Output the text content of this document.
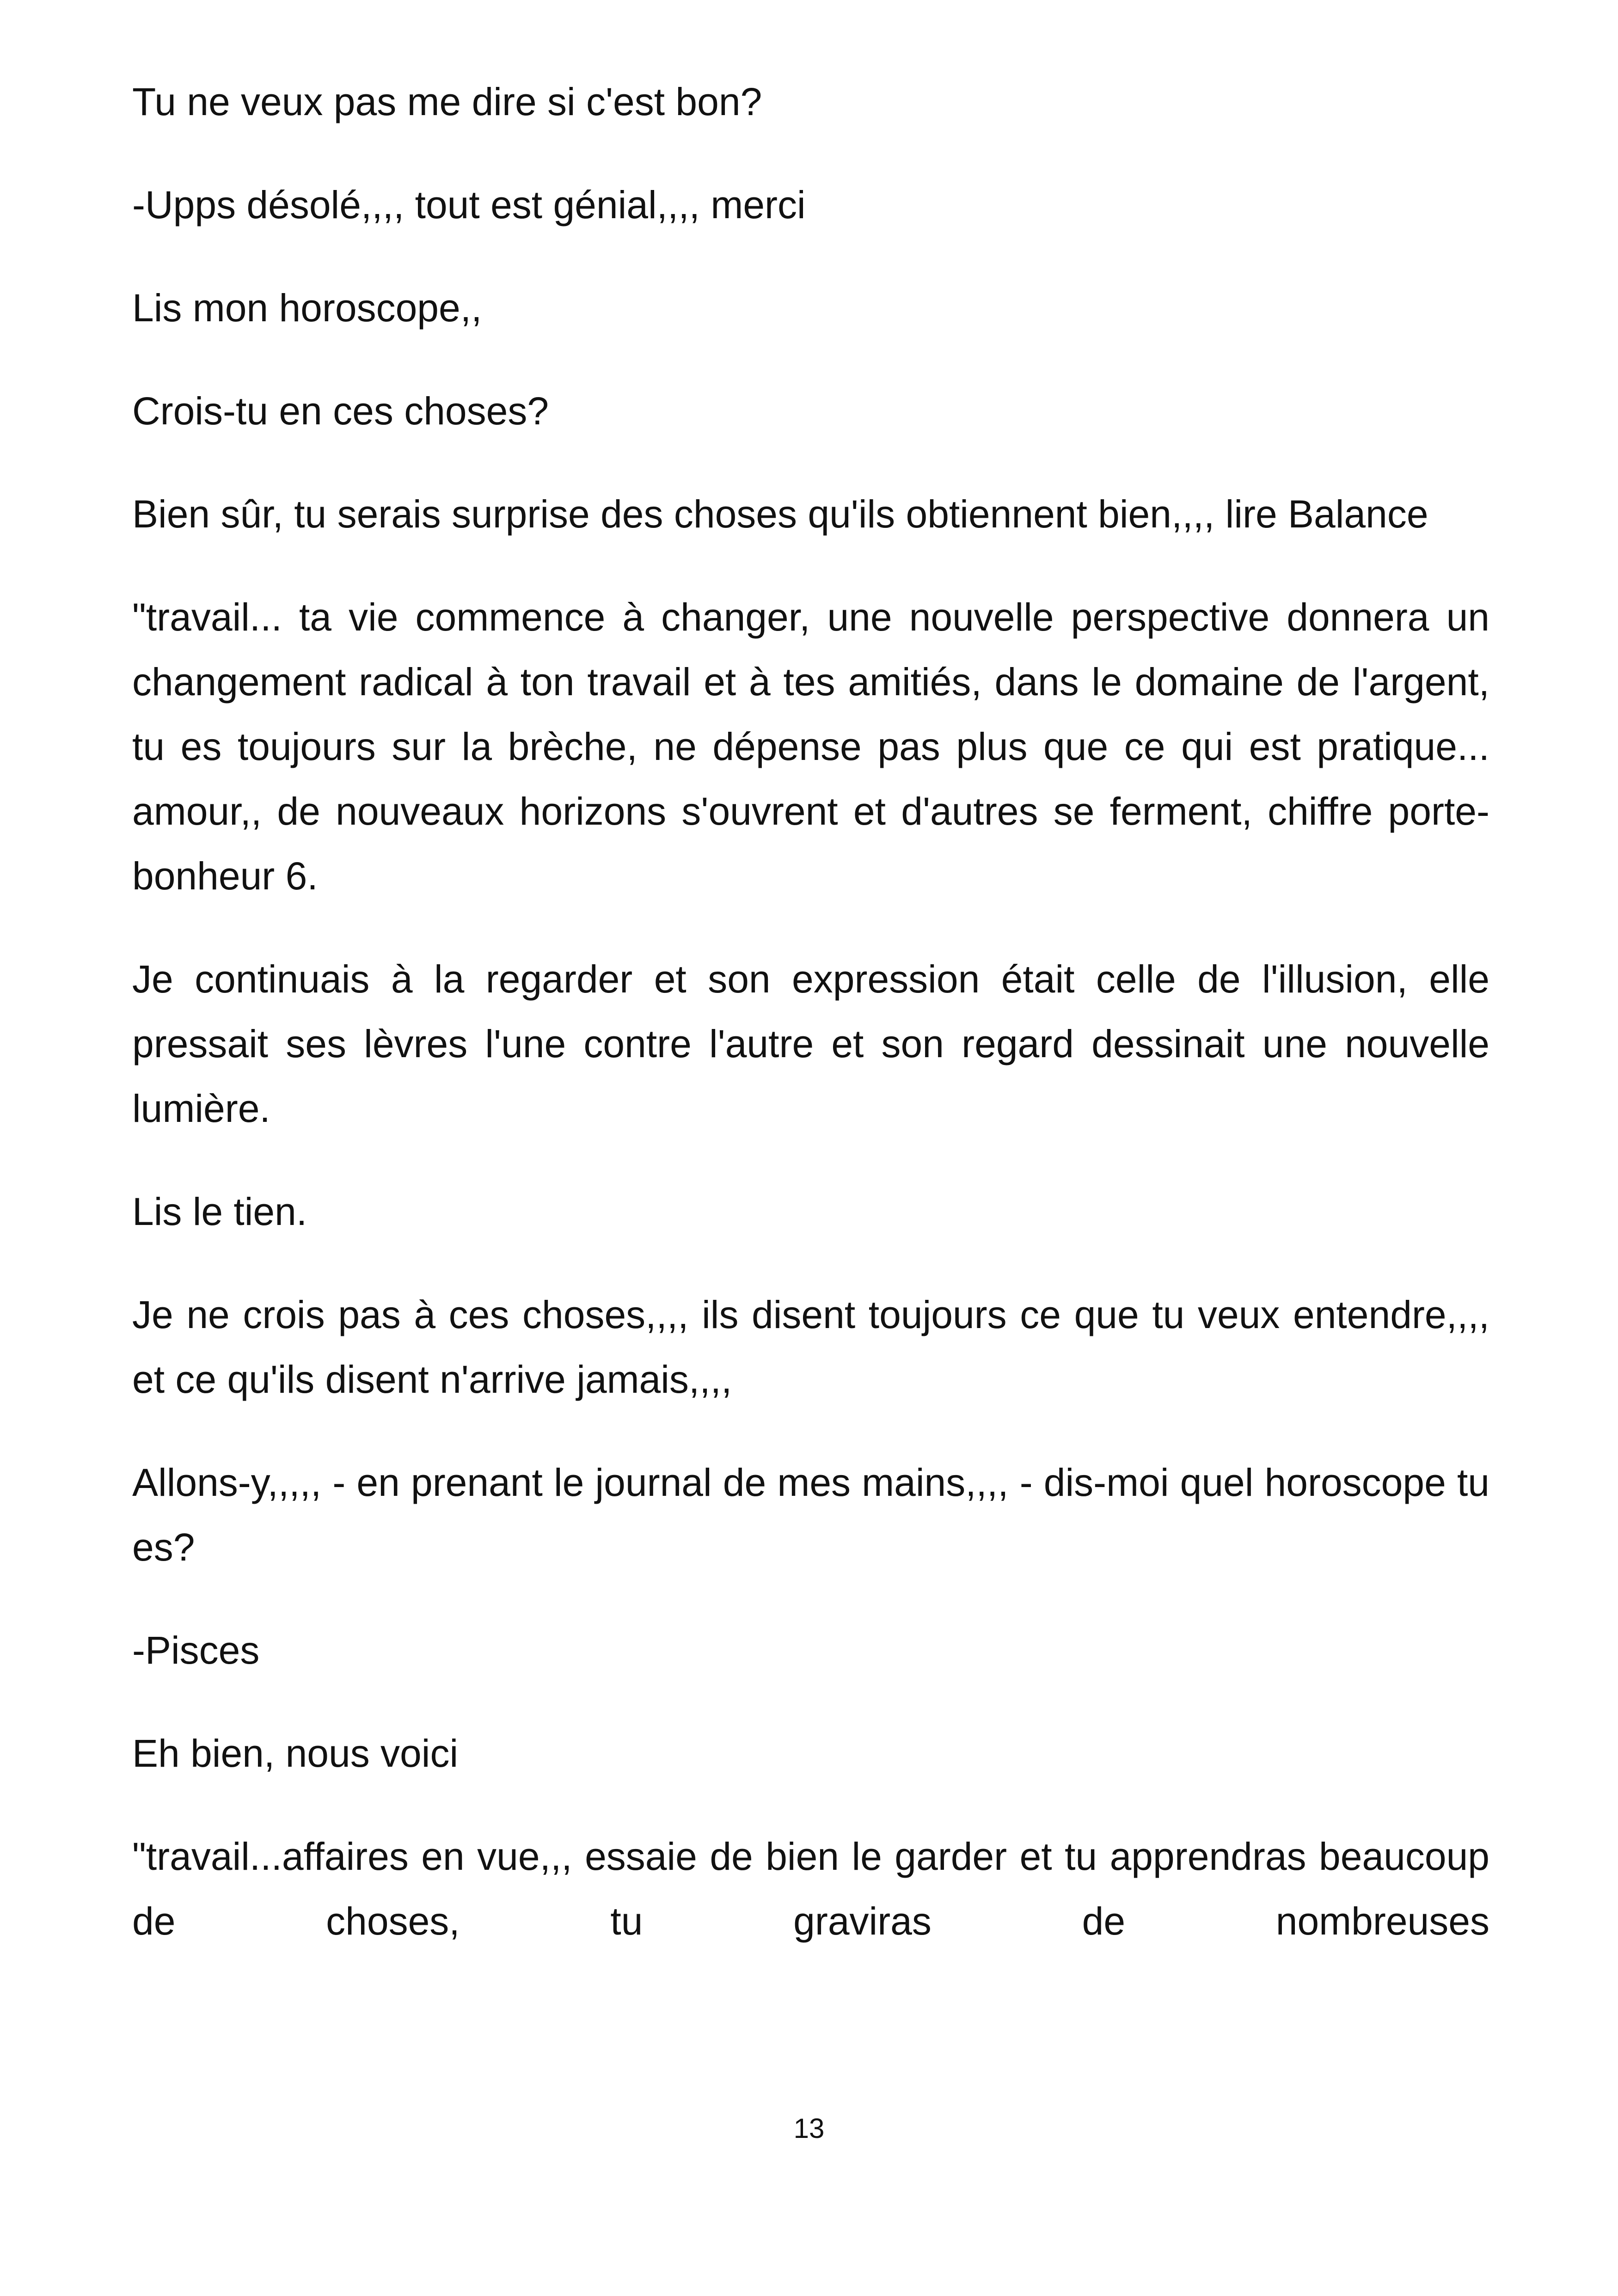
Tu ne veux pas me dire si c'est bon?

-Upps désolé,,,, tout est génial,,,, merci

Lis mon horoscope,,

Crois-tu en ces choses?

Bien sûr, tu serais surprise des choses qu'ils obtiennent bien,,,, lire Balance

"travail... ta vie commence à changer, une nouvelle perspective donnera un changement radical à ton travail et à tes amitiés, dans le domaine de l'argent, tu es toujours sur la brèche, ne dépense pas plus que ce qui est pratique... amour,, de nouveaux horizons s'ouvrent et d'autres se ferment, chiffre porte-bonheur 6.

Je continuais à la regarder et son expression était celle de l'illusion, elle pressait ses lèvres l'une contre l'autre et son regard dessinait une nouvelle lumière.

Lis le tien.

Je ne crois pas à ces choses,,,, ils disent toujours ce que tu veux entendre,,,, et ce qu'ils disent n'arrive jamais,,,,

Allons-y,,,,, - en prenant le journal de mes mains,,,, - dis-moi quel horoscope tu es?

-Pisces

Eh bien, nous voici

"travail...affaires en vue,,, essaie de bien le garder et tu apprendras beaucoup de choses, tu graviras de nombreuses

13
